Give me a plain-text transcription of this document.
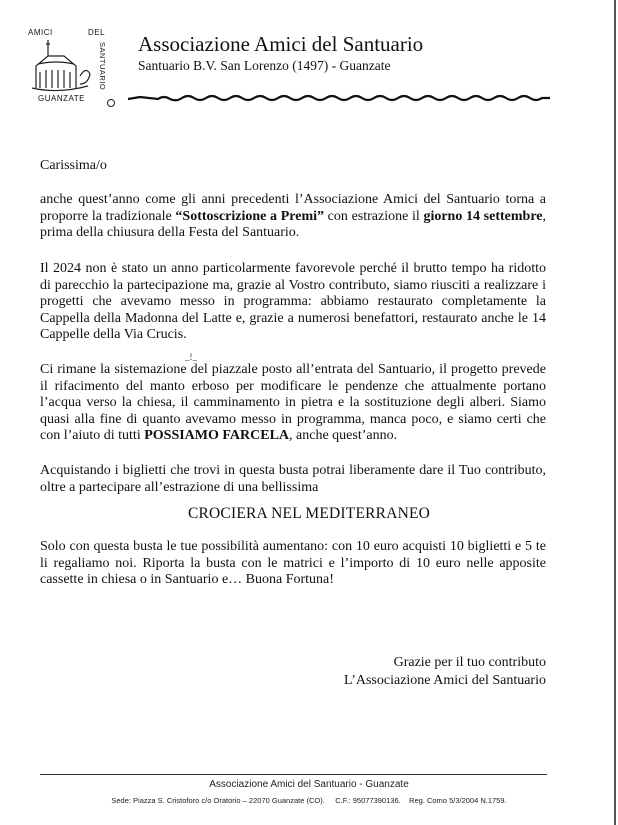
AMICI	DEL
GUANZATE
SANTUARIO Associazione Amici del Santuario
Santuario B.V. San Lorenzo (1497) - Guanzate
Carissima/o
anche quest’anno come gli anni precedenti l’Associazione Amici del Santuario torna a proporre la tradizionale “Sottoscrizione a Premi” con estrazione il giorno 14 settembre, prima della chiusura della Festa del Santuario.
Il 2024 non è stato un anno particolarmente favorevole perché il brutto tempo ha ridotto di parecchio la partecipazione ma, grazie al Vostro contributo, siamo riusciti a realizzare i progetti che avevamo messo in programma: abbiamo restaurato completamente la Cappella della Madonna del Latte e, grazie a numerosi benefattori, restaurato anche le 14 Cappelle della Via Crucis.
_!_
Ci rimane la sistemazione del piazzale posto all’entrata del Santuario, il progetto prevede il rifacimento del manto erboso per modificare le pendenze che attualmente portano l’acqua verso la chiesa, il camminamento in pietra e la sostituzione degli alberi. Siamo quasi alla fine di quanto avevamo messo in programma, manca poco, e siamo certi che con l’aiuto di tutti POSSIAMO FARCELA, anche quest’anno.
Acquistando i biglietti che trovi in questa busta potrai liberamente dare il Tuo contributo, oltre a partecipare all’estrazione di una bellissima
CROCIERA NEL MEDITERRANEO
Solo con questa busta le tue possibilità aumentano: con 10 euro acquisti 10 biglietti e 5 te li regaliamo noi. Riporta la busta con le matrici e l’importo di 10 euro nelle apposite cassette in chiesa o in Santuario e… Buona Fortuna!
Grazie per il tuo contributo
L’Associazione Amici del Santuario
Associazione Amici del Santuario - Guanzate
Sede: Piazza S. Cristoforo c/o Oratorio – 22070 Guanzate (CO). C.F.: 95077390136. Reg. Como 5/3/2004 N.1759.
